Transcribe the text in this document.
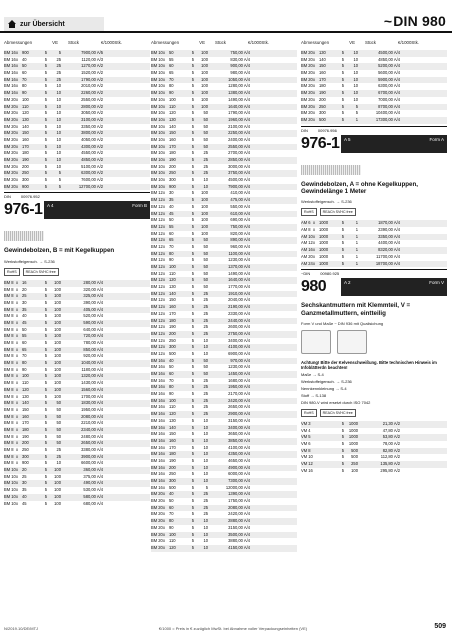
zur Übersicht	~DIN 980
Abmessungen	VE	Stück	€/1000Stk.
BM 16 x 900	5	5	7900,00 A/5
BM 16 x 40	5	25	1120,00 A/3
BM 16 x 50	5	25	1270,00 A/2
BM 16 x 60	5	25	1520,00 A/2
BM 16 x 70	5	25	1790,00 A/2
BM 16 x 80	5	10	2010,00 A/2
BM 16 x 90	5	10	2260,00 A/2
BM 20 x 100	5	10	2550,00 A/2
BM 20 x 110	5	10	2800,00 A/2
BM 20 x 120	5	10	3050,00 A/2
BM 20 x 130	5	10	3100,00 A/2
BM 20 x 140	5	10	3350,00 A/2
BM 20 x 150	5	10	3800,00 A/2
BM 20 x 160	5	10	4050,00 A/2
BM 20 x 170	5	10	4300,00 A/2
BM 20 x 180	5	10	4550,00 A/2
BM 20 x 190	5	10	4850,00 A/2
BM 20 x 200	5	10	5100,00 A/2
BM 20 x 250	5	5	6300,00 A/2
BM 20 x 300	5	5	7600,00 A/2
BM 20 x 900	5	5	12700,00 A/2
DIN	00976.952
976-1	A 4	Form B
Gewindebolzen, B = mit Kegelkuppen
Werkstoffeigensch. → S-236
RoHS	REACh SVHC free
BM 8 x 16	5	100	280,00 A/4
BM 8 x 20	5	100	320,00 A/4
BM 8 x 25	5	100	325,00 A/4
BM 8 x 30	5	100	390,00 A/4
BM 8 x 35	5	100	405,00 A/4
BM 8 x 40	5	100	520,00 A/4
BM 8 x 45	5	100	590,00 A/4
BM 8 x 50	5	100	640,00 A/4
BM 8 x 55	5	100	720,00 A/4
BM 8 x 60	5	100	780,00 A/4
BM 8 x 65	5	100	850,00 A/4
BM 8 x 70	5	100	920,00 A/4
BM 8 x 80	5	100	1040,00 A/4
BM 8 x 90	5	100	1180,00 A/4
BM 8 x 100	5	100	1320,00 A/4
BM 8 x 110	5	100	1430,00 A/4
BM 8 x 120	5	100	1560,00 A/4
BM 8 x 130	5	100	1700,00 A/4
BM 8 x 140	5	50	1830,00 A/4
BM 8 x 150	5	50	1950,00 A/4
BM 8 x 160	5	50	2080,00 A/4
BM 8 x 170	5	50	2210,00 A/4
BM 8 x 180	5	50	2340,00 A/4
BM 8 x 190	5	50	2480,00 A/4
BM 8 x 200	5	50	2650,00 A/4
BM 8 x 250	5	25	3380,00 A/4
BM 8 x 300	5	25	3900,00 A/4
BM 8 x 900	5	10	6600,00 A/4
BM 10 x 20	5	100	360,00 A/4
BM 10 x 25	5	100	375,00 A/4
BM 10 x 30	5	100	490,00 A/4
BM 10 x 35	5	100	530,00 A/4
BM 10 x 40	5	100	580,00 A/4
BM 10 x 45	5	100	680,00 A/4
Abmessungen	VE	Stück	€/1000Stk.
BM 10 x 50	5	100	750,00 A/4
BM 10 x 55	5	100	830,00 A/4
BM 10 x 60	5	100	900,00 A/4
BM 10 x 65	5	100	980,00 A/4
BM 10 x 70	5	100	1050,00 A/4
BM 10 x 80	5	100	1280,00 A/4
BM 10 x 90	5	100	1380,00 A/4
BM 10 x 100	5	100	1490,00 A/4
BM 10 x 110	5	100	1640,00 A/4
BM 10 x 120	5	50	1790,00 A/4
BM 10 x 130	5	50	1960,00 A/4
BM 10 x 140	5	50	2100,00 A/4
BM 10 x 150	5	50	2250,00 A/4
BM 10 x 160	5	50	2400,00 A/4
BM 10 x 170	5	50	2550,00 A/4
BM 10 x 180	5	25	2700,00 A/4
BM 10 x 190	5	25	2850,00 A/4
BM 10 x 200	5	25	3000,00 A/4
BM 10 x 250	5	25	3750,00 A/4
BM 10 x 300	5	10	4500,00 A/4
BM 10 x 900	5	10	7900,00 A/4
BM 12 x 30	5	100	410,00 A/4
BM 12 x 35	5	100	475,00 A/4
BM 12 x 40	5	100	550,00 A/4
BM 12 x 45	5	100	610,00 A/4
BM 12 x 50	5	100	690,00 A/4
BM 12 x 55	5	100	750,00 A/4
BM 12 x 60	5	100	820,00 A/4
BM 12 x 65	5	50	890,00 A/4
BM 12 x 70	5	50	960,00 A/4
BM 12 x 80	5	50	1100,00 A/4
BM 12 x 90	5	50	1230,00 A/4
BM 12 x 100	5	50	1370,00 A/4
BM 12 x 110	5	50	1490,00 A/4
BM 12 x 120	5	50	1640,00 A/4
BM 12 x 130	5	50	1770,00 A/4
BM 12 x 140	5	25	1910,00 A/4
BM 12 x 150	5	25	2040,00 A/4
BM 12 x 160	5	25	2190,00 A/4
BM 12 x 170	5	25	2330,00 A/4
BM 12 x 180	5	25	2440,00 A/4
BM 12 x 190	5	25	2600,00 A/4
BM 12 x 200	5	25	2750,00 A/4
BM 12 x 250	5	10	3400,00 A/4
BM 12 x 300	5	10	4100,00 A/4
BM 12 x 500	5	10	6900,00 A/4
BM 16 x 40	5	50	970,00 A/4
BM 16 x 50	5	50	1230,00 A/4
BM 16 x 60	5	50	1450,00 A/4
BM 16 x 70	5	25	1680,00 A/4
BM 16 x 80	5	25	1950,00 A/4
BM 16 x 90	5	25	2170,00 A/4
BM 16 x 100	5	25	2420,00 A/4
BM 16 x 110	5	25	2650,00 A/4
BM 16 x 120	5	25	2900,00 A/4
BM 16 x 130	5	10	3150,00 A/4
BM 16 x 140	5	10	3400,00 A/4
BM 16 x 150	5	10	3650,00 A/4
BM 16 x 160	5	10	3850,00 A/4
BM 16 x 170	5	10	4100,00 A/4
BM 16 x 180	5	10	4350,00 A/4
BM 16 x 190	5	10	4650,00 A/4
BM 16 x 200	5	10	4900,00 A/4
BM 16 x 250	5	10	6000,00 A/4
BM 16 x 300	5	10	7300,00 A/4
BM 16 x 500	5	5	12000,00 A/4
BM 20 x 40	5	25	1390,00 A/4
BM 20 x 50	5	25	1750,00 A/4
BM 20 x 60	5	25	2080,00 A/4
BM 20 x 70	5	25	2420,00 A/4
BM 20 x 80	5	10	2880,00 A/4
BM 20 x 90	5	10	3150,00 A/4
BM 20 x 100	5	10	3500,00 A/4
BM 20 x 110	5	10	3880,00 A/4
BM 20 x 120	5	10	4150,00 A/4
Abmessungen	VE	Stück	€/1000Stk.
BM 20 x 130	5	10	4500,00 A/4
BM 20 x 140	5	10	4850,00 A/4
BM 20 x 150	5	10	5200,00 A/4
BM 20 x 160	5	10	5600,00 A/4
BM 20 x 170	5	10	5900,00 A/4
BM 20 x 180	5	10	6300,00 A/4
BM 20 x 190	5	10	6700,00 A/4
BM 20 x 200	5	10	7000,00 A/4
BM 20 x 250	5	5	8700,00 A/4
BM 20 x 300	5	5	10400,00 A/4
BM 20 x 500	5	1	17300,00 A/4
DIN	00976.956
976-1	A 5	Form A
Gewindebolzen, A = ohne Kegelkuppen, Gewindelänge 1 Meter
Werkstoffeigensch. → S-236
RoHS	REACh SVHC free
AM 6 x 1000	5	1	1870,00 A/4
AM 8 x 1000	5	1	2390,00 A/4
AM 10 x 1000	5	1	3350,00 A/4
AM 12 x 1000	5	1	4400,00 A/4
AM 16 x 1000	5	1	8320,00 A/4
AM 20 x 1000	5	1	11700,00 A/4
AM 24 x 1000	5	1	18700,00 A/4
~DIN	00980.925
980	A 2	Form V
Sechskantmuttern mit Klemmteil, V = Ganzmetallmuttern, eintteilig
Form V und Maße ~ DIN 936 mit Qualisichung
Achtung! Bitte der Kelvenschweißung. Bitte technischen Hinweis im Infoblätterdn beachten!
Maße → S-4
Werkstoffeigensch. → S-236
Nennkennkleinung → S-4
Stoff → S-138
DIN 980-V wird ersetzt durch ISO 7042
RoHS	REACh SVHC free
VM 3	5	1000	21,30 A/2
VM 4	5	1000	47,80 A/2
VM 5	5	1000	53,80 A/2
VM 6	5	1000	78,00 A/2
VM 8	5	500	82,80 A/2
VM 10	5	500	112,80 A/2
VM 12	5	250	135,80 A/2
VM 16	5	100	295,80 A/2
N/2019.10/DE/MTJ	€/1000 = Preis in € zuzüglich MwSt. bei Abnahme voller Verpackungseinheiten (VE)	509
